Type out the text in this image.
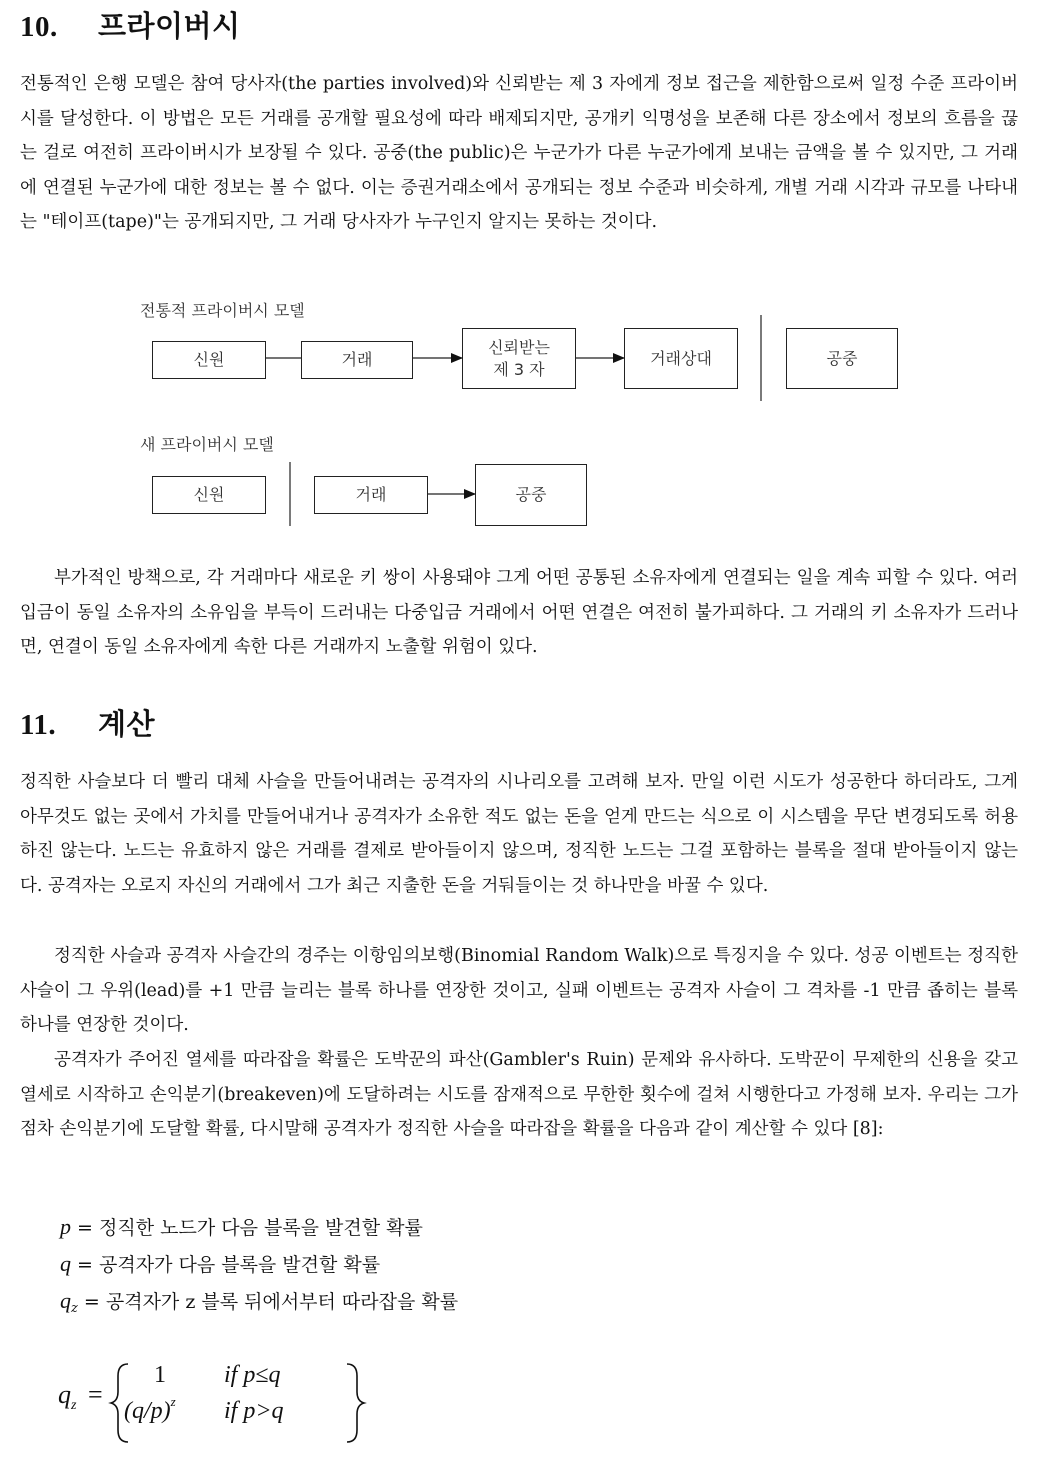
10. 프라이버시

전통적인 은행 모델은 참여 당사자(the parties involved)와 신뢰받는 제 3 자에게 정보 접근을 제한함으로써 일정 수준 프라이버시를 달성한다. 이 방법은 모든 거래를 공개할 필요성에 따라 배제되지만, 공개키 익명성을 보존해 다른 장소에서 정보의 흐름을 끊는 걸로 여전히 프라이버시가 보장될 수 있다. 공중(the public)은 누군가가 다른 누군가에게 보내는 금액을 볼 수 있지만, 그 거래에 연결된 누군가에 대한 정보는 볼 수 없다. 이는 증권거래소에서 공개되는 정보 수준과 비슷하게, 개별 거래 시각과 규모를 나타내는 "테이프(tape)"는 공개되지만, 그 거래 당사자가 누구인지 알지는 못하는 것이다.

전통적 프라이버시 모델
신원	거래
신뢰받는
제 3 자
거래상대	공중
새 프라이버시 모델
신원	거래	공중

부가적인 방책으로, 각 거래마다 새로운 키 쌍이 사용돼야 그게 어떤 공통된 소유자에게 연결되는 일을 계속 피할 수 있다. 여러 입금이 동일 소유자의 소유임을 부득이 드러내는 다중입금 거래에서 어떤 연결은 여전히 불가피하다. 그 거래의 키 소유자가 드러나면, 연결이 동일 소유자에게 속한 다른 거래까지 노출할 위험이 있다.

11. 계산

정직한 사슬보다 더 빨리 대체 사슬을 만들어내려는 공격자의 시나리오를 고려해 보자. 만일 이런 시도가 성공한다 하더라도, 그게 아무것도 없는 곳에서 가치를 만들어내거나 공격자가 소유한 적도 없는 돈을 얻게 만드는 식으로 이 시스템을 무단 변경되도록 허용하진 않는다. 노드는 유효하지 않은 거래를 결제로 받아들이지 않으며, 정직한 노드는 그걸 포함하는 블록을 절대 받아들이지 않는다. 공격자는 오로지 자신의 거래에서 그가 최근 지출한 돈을 거둬들이는 것 하나만을 바꿀 수 있다.

정직한 사슬과 공격자 사슬간의 경주는 이항임의보행(Binomial Random Walk)으로 특징지을 수 있다. 성공 이벤트는 정직한 사슬이 그 우위(lead)를 +1 만큼 늘리는 블록 하나를 연장한 것이고, 실패 이벤트는 공격자 사슬이 그 격차를 -1 만큼 좁히는 블록 하나를 연장한 것이다.

공격자가 주어진 열세를 따라잡을 확률은 도박꾼의 파산(Gambler's Ruin) 문제와 유사하다. 도박꾼이 무제한의 신용을 갖고 열세로 시작하고 손익분기(breakeven)에 도달하려는 시도를 잠재적으로 무한한 횟수에 걸쳐 시행한다고 가정해 보자. 우리는 그가 점차 손익분기에 도달할 확률, 다시말해 공격자가 정직한 사슬을 따라잡을 확률을 다음과 같이 계산할 수 있다 [8]:

p = 정직한 노드가 다음 블록을 발견할 확률
q = 공격자가 다음 블록을 발견할 확률
$q_z$ = 공격자가 z 블록 뒤에서부터 따라잡을 확률
$q_z$ =
1
$(q/p)^z$
if p≤q
if p>q
